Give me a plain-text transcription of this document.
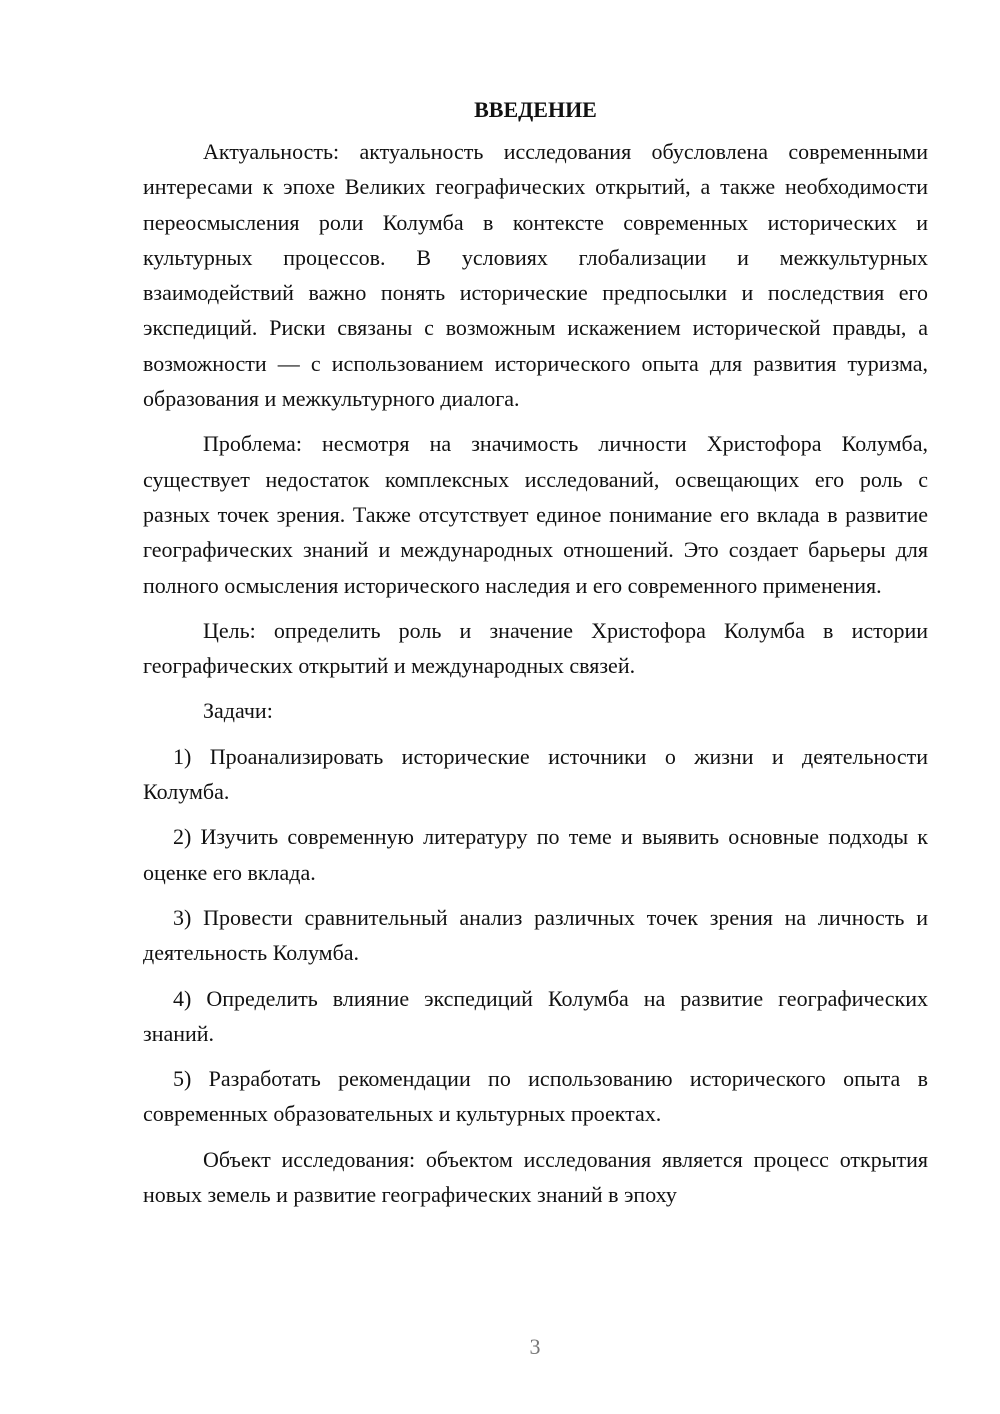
ВВЕДЕНИЕ

Актуальность: актуальность исследования обусловлена современными интересами к эпохе Великих географических открытий, а также необходимости переосмысления роли Колумба в контексте современных исторических и культурных процессов. В условиях глобализации и межкультурных взаимодействий важно понять исторические предпосылки и последствия его экспедиций. Риски связаны с возможным искажением исторической правды, а возможности — с использованием исторического опыта для развития туризма, образования и межкультурного диалога.

Проблема: несмотря на значимость личности Христофора Колумба, существует недостаток комплексных исследований, освещающих его роль с разных точек зрения. Также отсутствует единое понимание его вклада в развитие географических знаний и международных отношений. Это создает барьеры для полного осмысления исторического наследия и его современного применения.

Цель: определить роль и значение Христофора Колумба в истории географических открытий и международных связей.

Задачи:

1) Проанализировать исторические источники о жизни и деятельности Колумба.

2) Изучить современную литературу по теме и выявить основные подходы к оценке его вклада.

3) Провести сравнительный анализ различных точек зрения на личность и деятельность Колумба.

4) Определить влияние экспедиций Колумба на развитие географических знаний.

5) Разработать рекомендации по использованию исторического опыта в современных образовательных и культурных проектах.

Объект исследования: объектом исследования является процесс открытия новых земель и развитие географических знаний в эпоху

3
